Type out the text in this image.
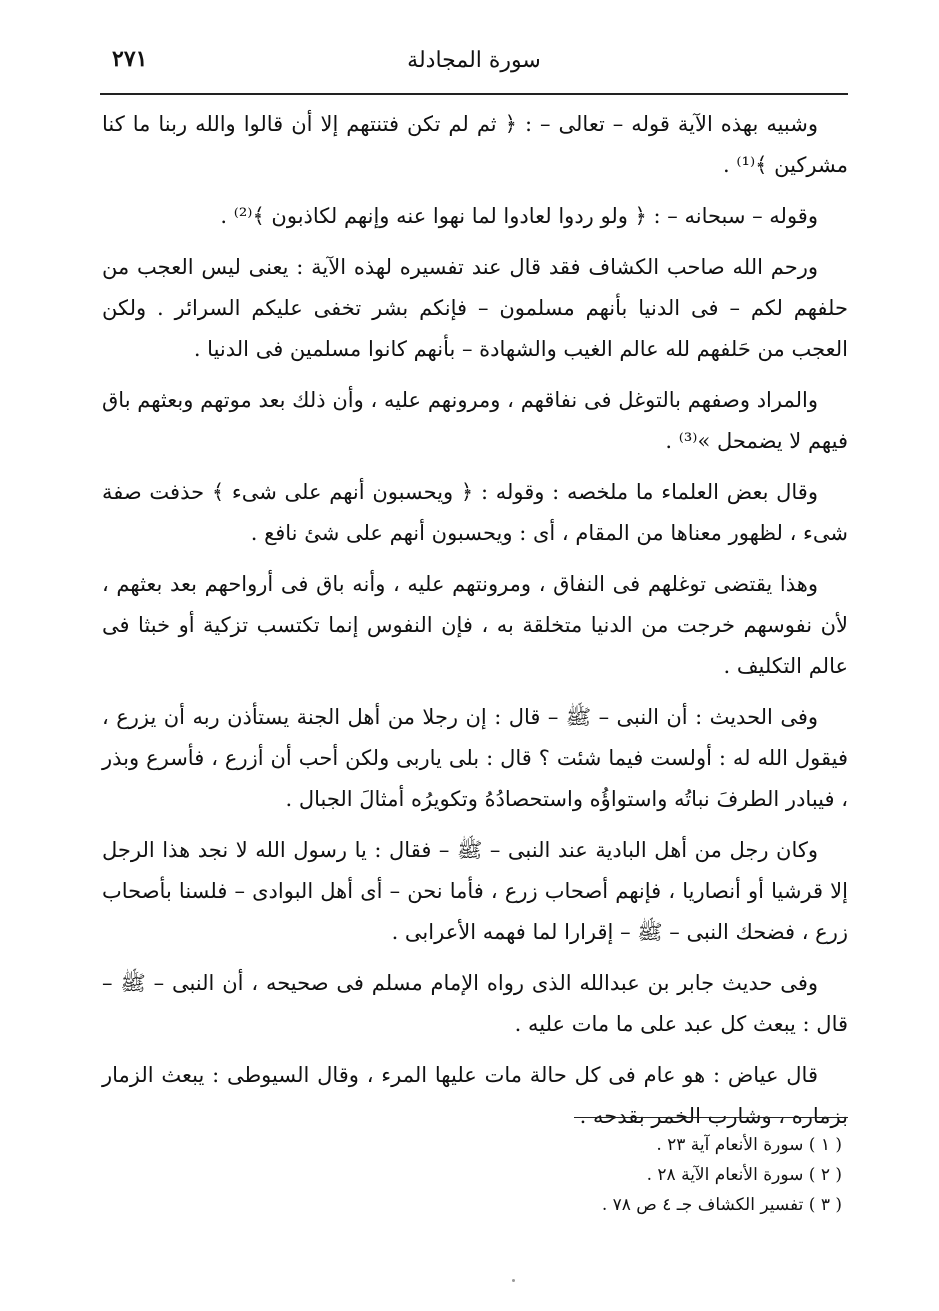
٢٧١	سورة المجادلة

وشبيه بهذه الآية قوله – تعالى – : ﴿ ثم لم تكن فتنتهم إلا أن قالوا والله ربنا ما كنا مشركين ﴾⁽¹⁾ .

وقوله – سبحانه – : ﴿ ولو ردوا لعادوا لما نهوا عنه وإنهم لكاذبون ﴾⁽²⁾ .

ورحم الله صاحب الكشاف فقد قال عند تفسيره لهذه الآية : يعنى ليس العجب من حلفهم لكم – فى الدنيا بأنهم مسلمون – فإنكم بشر تخفى عليكم السرائر . ولكن العجب من حَلفهم لله عالم الغيب والشهادة – بأنهم كانوا مسلمين فى الدنيا .

والمراد وصفهم بالتوغل فى نفاقهم ، ومرونهم عليه ، وأن ذلك بعد موتهم وبعثهم باق فيهم لا يضمحل »⁽³⁾ .

وقال بعض العلماء ما ملخصه : وقوله : ﴿ ويحسبون أنهم على شىء ﴾ حذفت صفة شىء ، لظهور معناها من المقام ، أى : ويحسبون أنهم على شئ نافع .

وهذا يقتضى توغلهم فى النفاق ، ومرونتهم عليه ، وأنه باق فى أرواحهم بعد بعثهم ، لأن نفوسهم خرجت من الدنيا متخلقة به ، فإن النفوس إنما تكتسب تزكية أو خبثا فى عالم التكليف .

وفى الحديث : أن النبى – ﷺ – قال : إن رجلا من أهل الجنة يستأذن ربه أن يزرع ، فيقول الله له : أولست فيما شئت ؟ قال : بلى ياربى ولكن أحب أن أزرع ، فأسرع وبذر ، فيبادر الطرفَ نباتُه واستواؤُه واستحصادُهُ وتكويرُه أمثالَ الجبال .

وكان رجل من أهل البادية عند النبى – ﷺ – فقال : يا رسول الله لا نجد هذا الرجل إلا قرشيا أو أنصاريا ، فإنهم أصحاب زرع ، فأما نحن – أى أهل البوادى – فلسنا بأصحاب زرع ، فضحك النبى – ﷺ – إقرارا لما فهمه الأعرابى .

وفى حديث جابر بن عبدالله الذى رواه الإمام مسلم فى صحيحه ، أن النبى – ﷺ – قال : يبعث كل عبد على ما مات عليه .

قال عياض : هو عام فى كل حالة مات عليها المرء ، وقال السيوطى : يبعث الزمار بزماره ، وشارب الخمر بقدحه .

( ١ ) سورة الأنعام آية ٢٣ .

( ٢ ) سورة الأنعام الآية ٢٨ .

( ٣ ) تفسير الكشاف جـ ٤ ص ٧٨ .
